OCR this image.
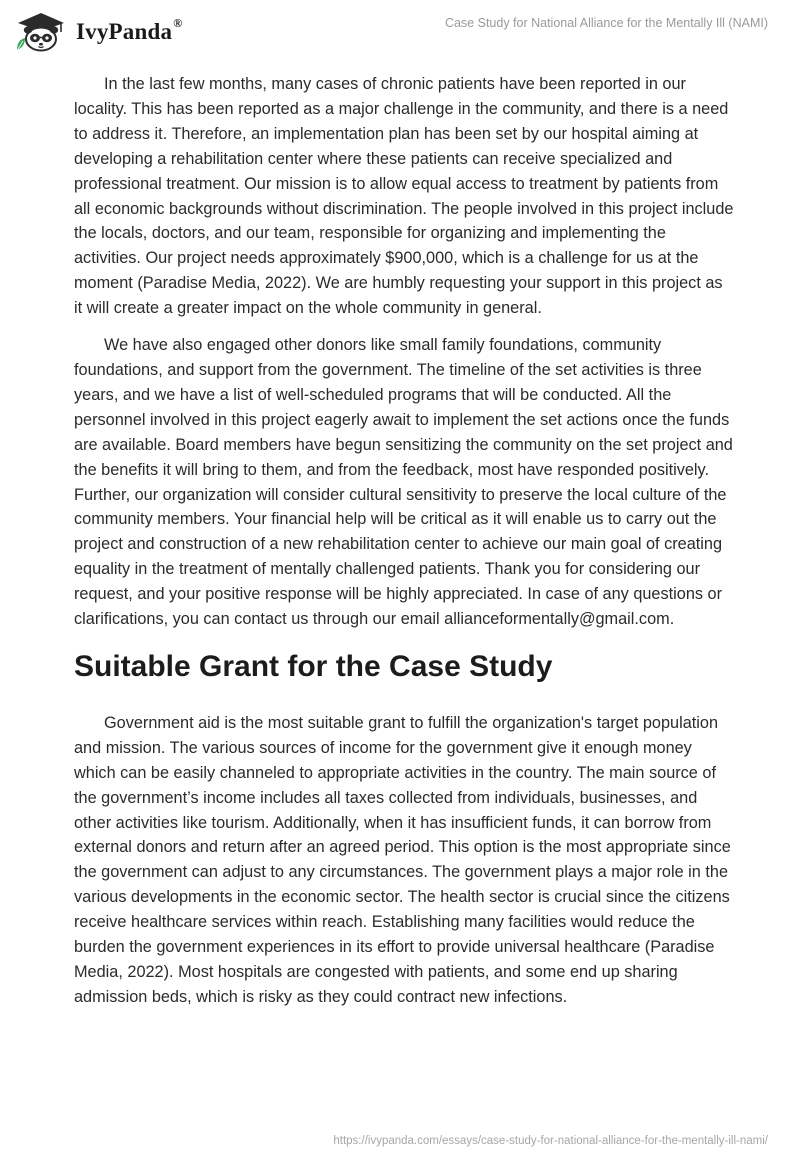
IvyPanda®	Case Study for National Alliance for the Mentally Ill (NAMI)

In the last few months, many cases of chronic patients have been reported in our locality. This has been reported as a major challenge in the community, and there is a need to address it. Therefore, an implementation plan has been set by our hospital aiming at developing a rehabilitation center where these patients can receive specialized and professional treatment. Our mission is to allow equal access to treatment by patients from all economic backgrounds without discrimination. The people involved in this project include the locals, doctors, and our team, responsible for organizing and implementing the activities. Our project needs approximately $900,000, which is a challenge for us at the moment (Paradise Media, 2022). We are humbly requesting your support in this project as it will create a greater impact on the whole community in general.

We have also engaged other donors like small family foundations, community foundations, and support from the government. The timeline of the set activities is three years, and we have a list of well-scheduled programs that will be conducted. All the personnel involved in this project eagerly await to implement the set actions once the funds are available. Board members have begun sensitizing the community on the set project and the benefits it will bring to them, and from the feedback, most have responded positively. Further, our organization will consider cultural sensitivity to preserve the local culture of the community members. Your financial help will be critical as it will enable us to carry out the project and construction of a new rehabilitation center to achieve our main goal of creating equality in the treatment of mentally challenged patients. Thank you for considering our request, and your positive response will be highly appreciated. In case of any questions or clarifications, you can contact us through our email allianceformentally@gmail.com.

Suitable Grant for the Case Study

Government aid is the most suitable grant to fulfill the organization's target population and mission. The various sources of income for the government give it enough money which can be easily channeled to appropriate activities in the country. The main source of the government’s income includes all taxes collected from individuals, businesses, and other activities like tourism. Additionally, when it has insufficient funds, it can borrow from external donors and return after an agreed period. This option is the most appropriate since the government can adjust to any circumstances. The government plays a major role in the various developments in the economic sector. The health sector is crucial since the citizens receive healthcare services within reach. Establishing many facilities would reduce the burden the government experiences in its effort to provide universal healthcare (Paradise Media, 2022). Most hospitals are congested with patients, and some end up sharing admission beds, which is risky as they could contract new infections.

https://ivypanda.com/essays/case-study-for-national-alliance-for-the-mentally-ill-nami/
